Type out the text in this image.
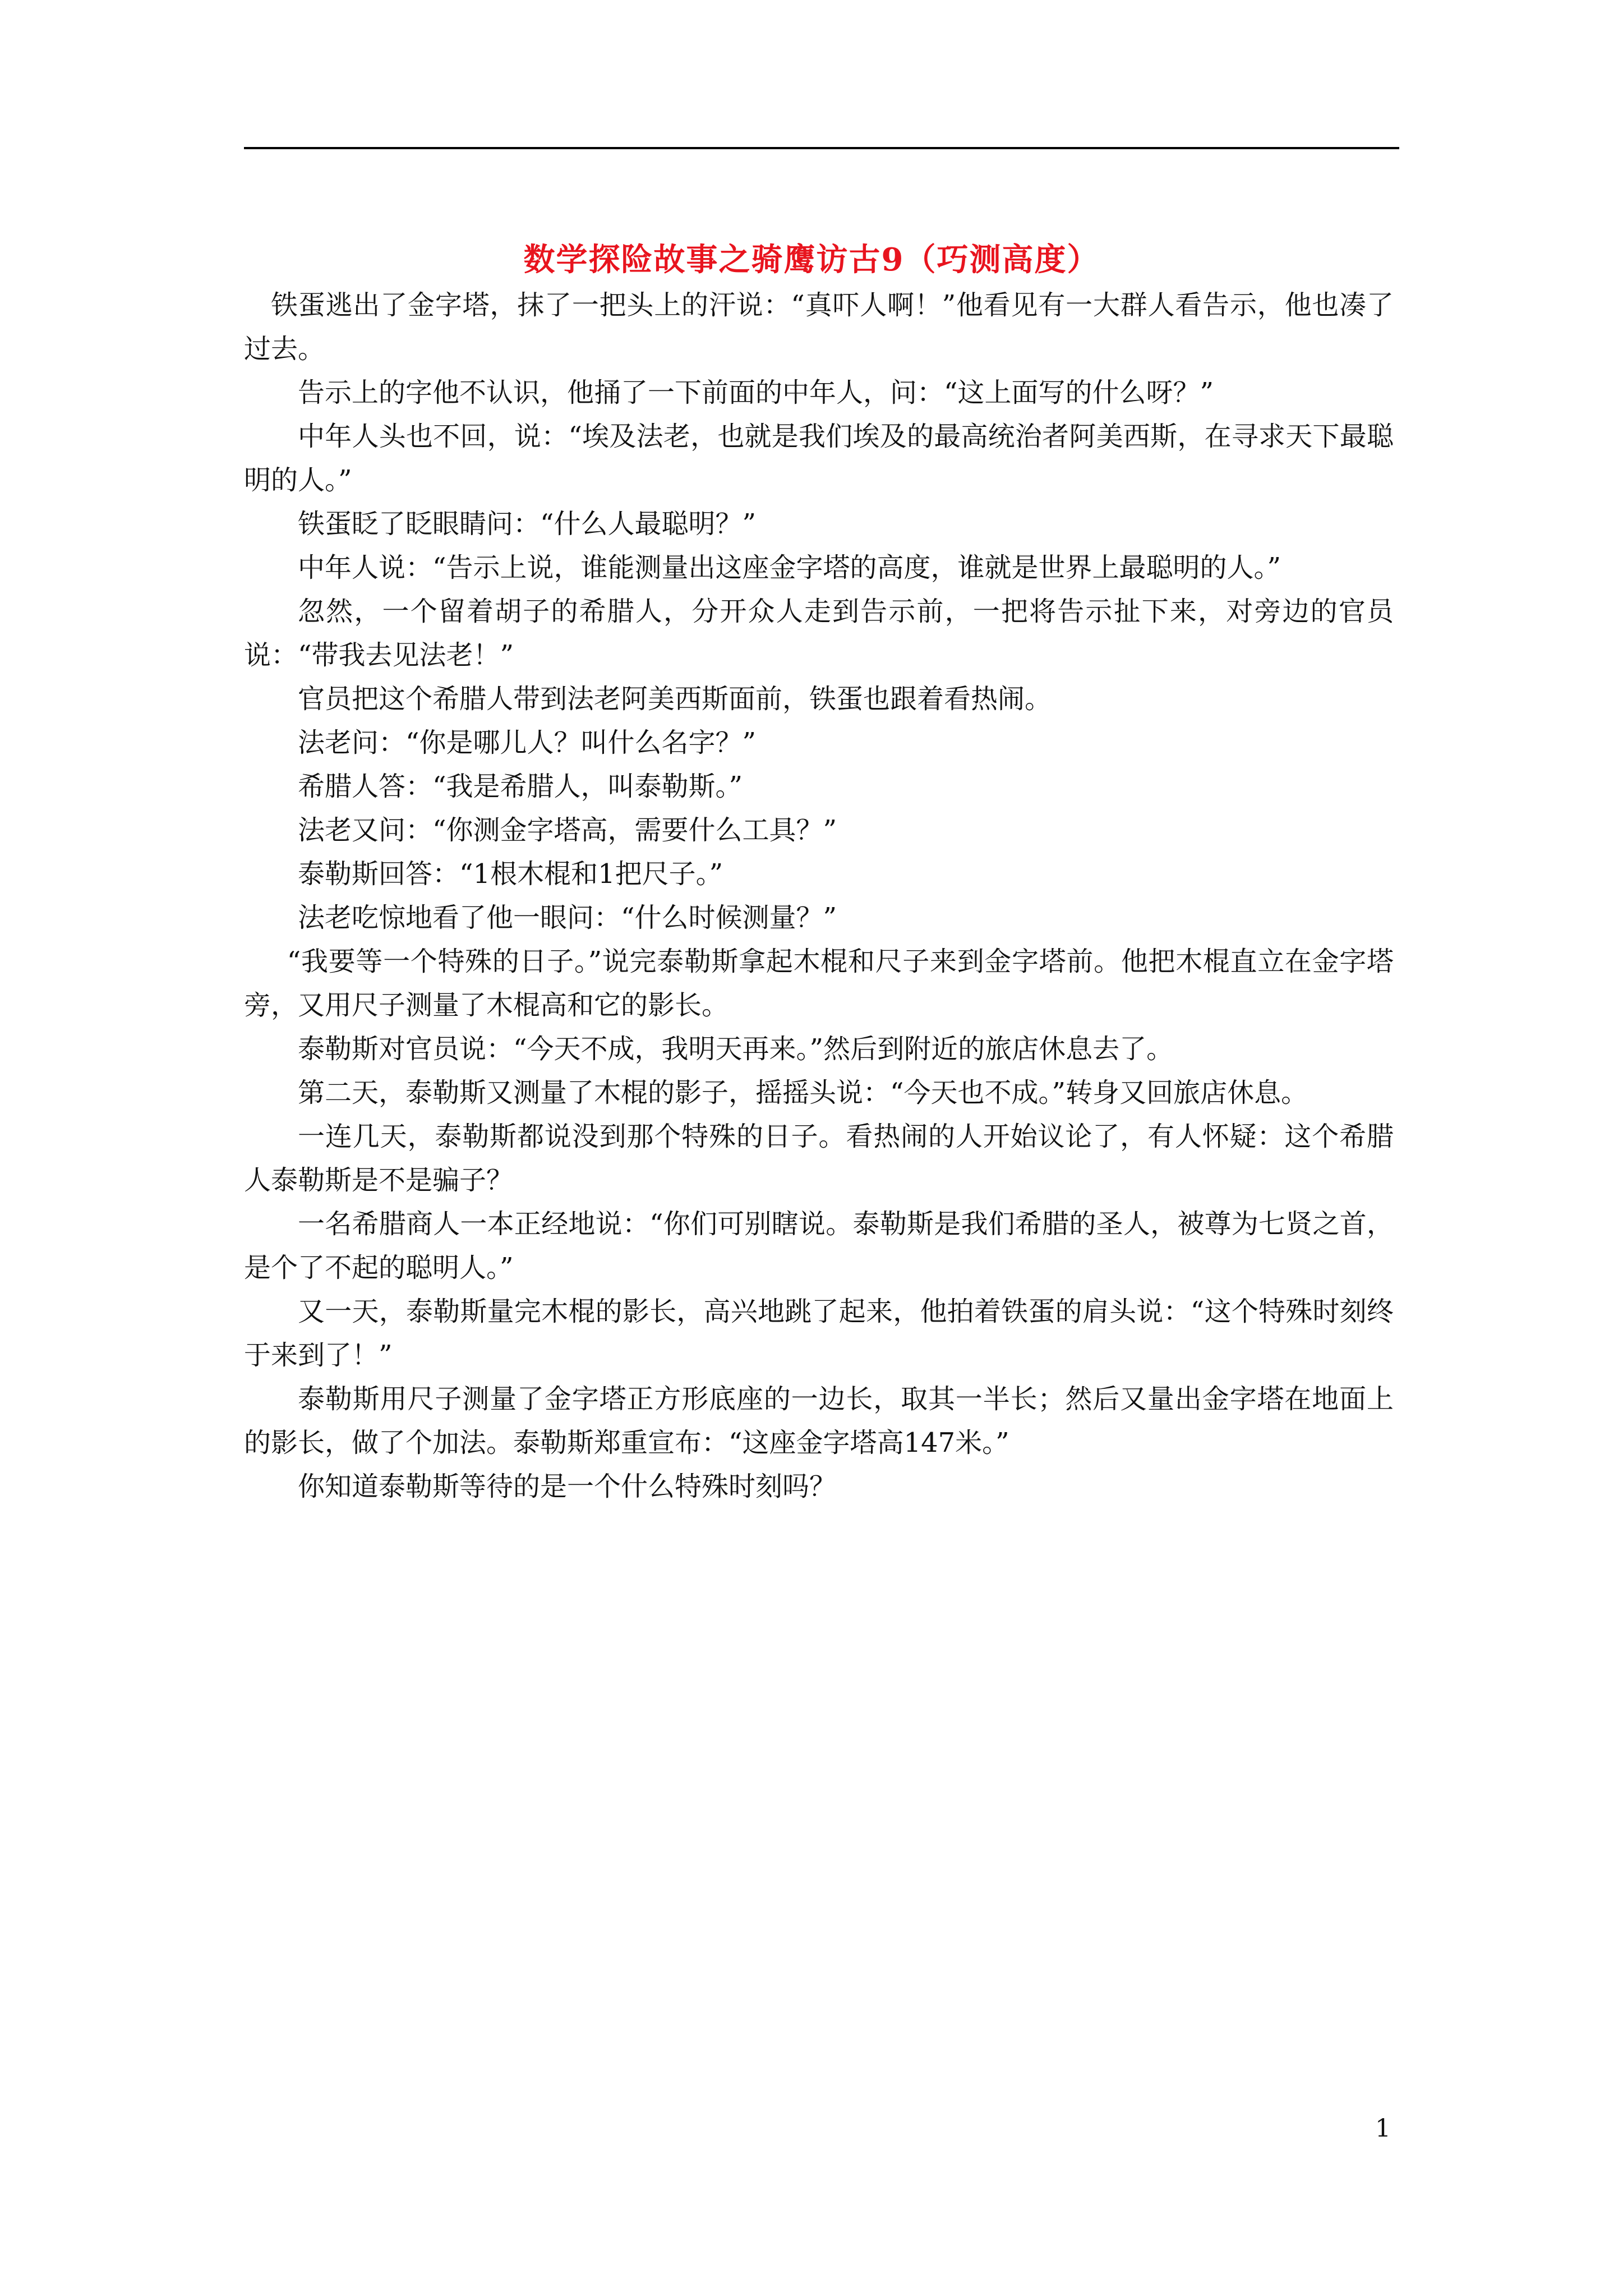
数学探险故事之骑鹰访古9（巧测高度）

铁蛋逃出了金字塔，抹了一把头上的汗说：“真吓人啊！”他看见有一大群人看告示，他也凑了过去。

告示上的字他不认识，他捅了一下前面的中年人，问：“这上面写的什么呀？”

中年人头也不回，说：“埃及法老，也就是我们埃及的最高统治者阿美西斯，在寻求天下最聪明的人。”

铁蛋眨了眨眼睛问：“什么人最聪明？”

中年人说：“告示上说，谁能测量出这座金字塔的高度，谁就是世界上最聪明的人。”

忽然，一个留着胡子的希腊人，分开众人走到告示前，一把将告示扯下来，对旁边的官员说：“带我去见法老！”

官员把这个希腊人带到法老阿美西斯面前，铁蛋也跟着看热闹。

法老问：“你是哪儿人？叫什么名字？”

希腊人答：“我是希腊人，叫泰勒斯。”

法老又问：“你测金字塔高，需要什么工具？”

泰勒斯回答：“1根木棍和1把尺子。”

法老吃惊地看了他一眼问：“什么时候测量？”

“我要等一个特殊的日子。”说完泰勒斯拿起木棍和尺子来到金字塔前。他把木棍直立在金字塔旁，又用尺子测量了木棍高和它的影长。

泰勒斯对官员说：“今天不成，我明天再来。”然后到附近的旅店休息去了。

第二天，泰勒斯又测量了木棍的影子，摇摇头说：“今天也不成。”转身又回旅店休息。

一连几天，泰勒斯都说没到那个特殊的日子。看热闹的人开始议论了，有人怀疑：这个希腊人泰勒斯是不是骗子？

一名希腊商人一本正经地说：“你们可别瞎说。泰勒斯是我们希腊的圣人，被尊为七贤之首，是个了不起的聪明人。”

又一天，泰勒斯量完木棍的影长，高兴地跳了起来，他拍着铁蛋的肩头说：“这个特殊时刻终于来到了！”

泰勒斯用尺子测量了金字塔正方形底座的一边长，取其一半长；然后又量出金字塔在地面上的影长，做了个加法。泰勒斯郑重宣布：“这座金字塔高147米。”

你知道泰勒斯等待的是一个什么特殊时刻吗？

1
